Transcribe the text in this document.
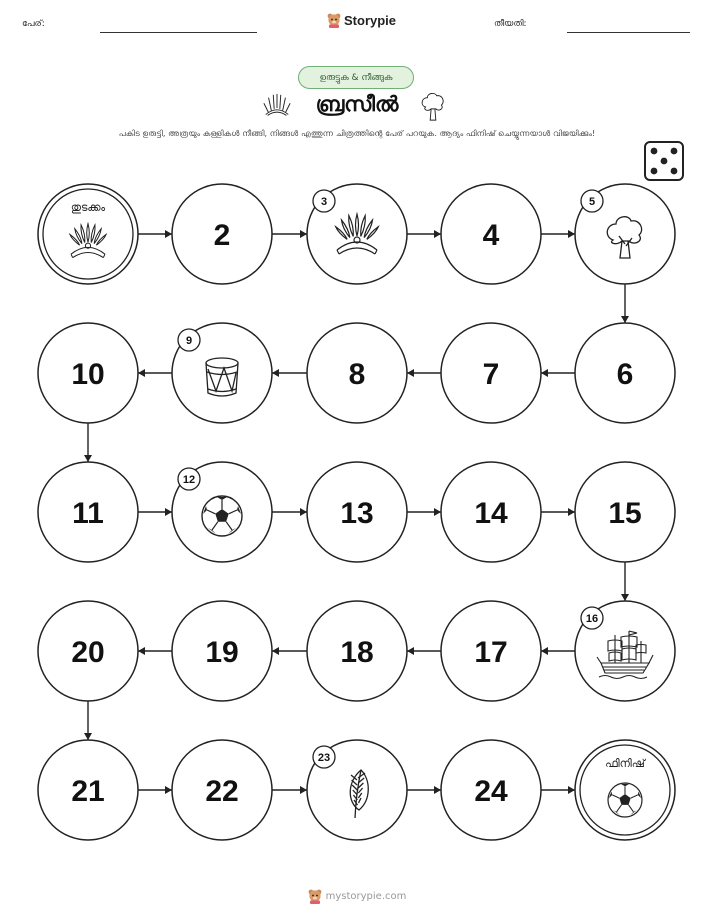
പേര്:	Storypie	തീയതി:
ഉരുട്ടുക & നീങ്ങുക
ബ്രസീൽ
പകിട ഉരുട്ടി, അത്രയും കള്ളികൾ നീങ്ങി, നിങ്ങൾ എത്തുന്ന ചിത്രത്തിന്റെ പേര് പറയുക. ആദ്യം ഫിനിഷ് ചെയ്യുന്നയാൾ വിജയിക്കും!
തുടക്കം
2
3
4
5
6
7
8
9
10
11
12
13	14	15
16
17
18
19
20
21	22
23
24
ഫിനിഷ്
mystorypie.com
